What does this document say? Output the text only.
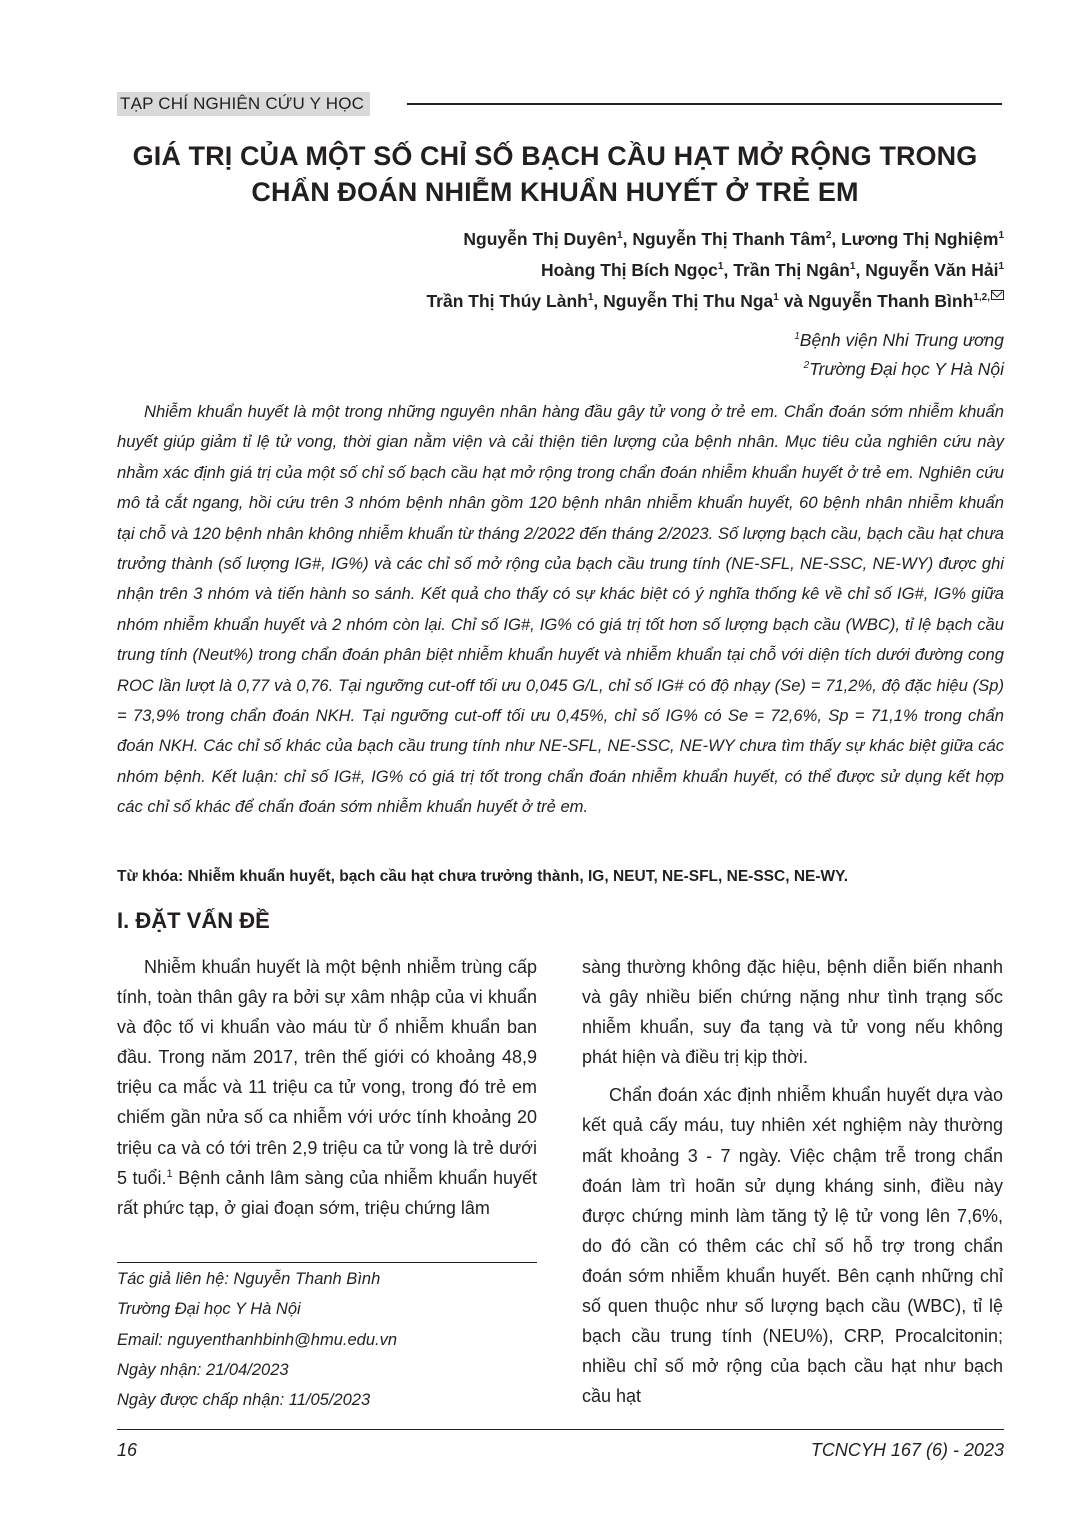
TẠP CHÍ NGHIÊN CỨU Y HỌC
GIÁ TRỊ CỦA MỘT SỐ CHỈ SỐ BẠCH CẦU HẠT MỞ RỘNG TRONG
CHẨN ĐOÁN NHIỄM KHUẨN HUYẾT Ở TRẺ EM
Nguyễn Thị Duyên$^1$, Nguyễn Thị Thanh Tâm$^2$, Lương Thị Nghiệm$^1$
Hoàng Thị Bích Ngọc$^1$, Trần Thị Ngân$^1$, Nguyễn Văn Hải$^1$
Trần Thị Thúy Lành$^1$, Nguyễn Thị Thu Nga$^1$ và Nguyễn Thanh Bình$^{1,2,}$
$^1$Bệnh viện Nhi Trung ương
$^2$Trường Đại học Y Hà Nội

Nhiễm khuẩn huyết là một trong những nguyên nhân hàng đầu gây tử vong ở trẻ em. Chẩn đoán sớm nhiễm khuẩn huyết giúp giảm tỉ lệ tử vong, thời gian nằm viện và cải thiện tiên lượng của bệnh nhân. Mục tiêu của nghiên cứu này nhằm xác định giá trị của một số chỉ số bạch cầu hạt mở rộng trong chẩn đoán nhiễm khuẩn huyết ở trẻ em. Nghiên cứu mô tả cắt ngang, hồi cứu trên 3 nhóm bệnh nhân gồm 120 bệnh nhân nhiễm khuẩn huyết, 60 bệnh nhân nhiễm khuẩn tại chỗ và 120 bệnh nhân không nhiễm khuẩn từ tháng 2/2022 đến tháng 2/2023. Số lượng bạch cầu, bạch cầu hạt chưa trưởng thành (số lượng IG#, IG%) và các chỉ số mở rộng của bạch cầu trung tính (NE-SFL, NE-SSC, NE-WY) được ghi nhận trên 3 nhóm và tiến hành so sánh. Kết quả cho thấy có sự khác biệt có ý nghĩa thống kê về chỉ số IG#, IG% giữa nhóm nhiễm khuẩn huyết và 2 nhóm còn lại. Chỉ số IG#, IG% có giá trị tốt hơn số lượng bạch cầu (WBC), tỉ lệ bạch cầu trung tính (Neut%) trong chẩn đoán phân biệt nhiễm khuẩn huyết và nhiễm khuẩn tại chỗ với diện tích dưới đường cong ROC lần lượt là 0,77 và 0,76. Tại ngưỡng cut-off tối ưu 0,045 G/L, chỉ số IG# có độ nhạy (Se) = 71,2%, độ đặc hiệu (Sp) = 73,9% trong chẩn đoán NKH. Tại ngưỡng cut-off tối ưu 0,45%, chỉ số IG% có Se = 72,6%, Sp = 71,1% trong chẩn đoán NKH. Các chỉ số khác của bạch cầu trung tính như NE-SFL, NE-SSC, NE-WY chưa tìm thấy sự khác biệt giữa các nhóm bệnh. Kết luận: chỉ số IG#, IG% có giá trị tốt trong chẩn đoán nhiễm khuẩn huyết, có thể được sử dụng kết hợp các chỉ số khác để chẩn đoán sớm nhiễm khuẩn huyết ở trẻ em.

Từ khóa: Nhiễm khuẩn huyết, bạch cầu hạt chưa trưởng thành, IG, NEUT, NE-SFL, NE-SSC, NE-WY.
I. ĐẶT VẤN ĐỀ

Nhiễm khuẩn huyết là một bệnh nhiễm trùng cấp tính, toàn thân gây ra bởi sự xâm nhập của vi khuẩn và độc tố vi khuẩn vào máu từ ổ nhiễm khuẩn ban đầu. Trong năm 2017, trên thế giới có khoảng 48,9 triệu ca mắc và 11 triệu ca tử vong, trong đó trẻ em chiếm gần nửa số ca nhiễm với ước tính khoảng 20 triệu ca và có tới trên 2,9 triệu ca tử vong là trẻ dưới 5 tuổi.$^1$ Bệnh cảnh lâm sàng của nhiễm khuẩn huyết rất phức tạp, ở giai đoạn sớm, triệu chứng lâm

sàng thường không đặc hiệu, bệnh diễn biến nhanh và gây nhiều biến chứng nặng như tình trạng sốc nhiễm khuẩn, suy đa tạng và tử vong nếu không phát hiện và điều trị kịp thời.

Chẩn đoán xác định nhiễm khuẩn huyết dựa vào kết quả cấy máu, tuy nhiên xét nghiệm này thường mất khoảng 3 - 7 ngày. Việc chậm trễ trong chẩn đoán làm trì hoãn sử dụng kháng sinh, điều này được chứng minh làm tăng tỷ lệ tử vong lên 7,6%, do đó cần có thêm các chỉ số hỗ trợ trong chẩn đoán sớm nhiễm khuẩn huyết. Bên cạnh những chỉ số quen thuộc như số lượng bạch cầu (WBC), tỉ lệ bạch cầu trung tính (NEU%), CRP, Procalcitonin; nhiều chỉ số mở rộng của bạch cầu hạt như bạch cầu hạt

Tác giả liên hệ: Nguyễn Thanh Bình
Trường Đại học Y Hà Nội
Email: nguyenthanhbinh@hmu.edu.vn
Ngày nhận: 21/04/2023
Ngày được chấp nhận: 11/05/2023
16	TCNCYH 167 (6) - 2023
